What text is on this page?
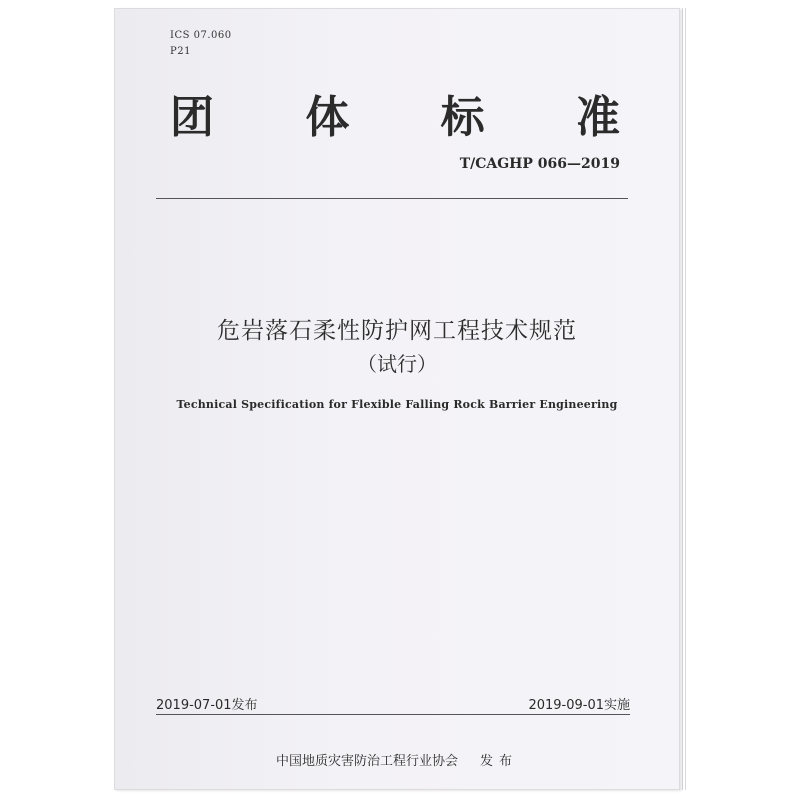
ICS 07.060
P21
团 体 标 准
T/CAGHP 066—2019
危岩落石柔性防护网工程技术规范
（试行）
Technical Specification for Flexible Falling Rock Barrier Engineering
2019-07-01发布	2019-09-01实施
中国地质灾害防治工程行业协会 发布
